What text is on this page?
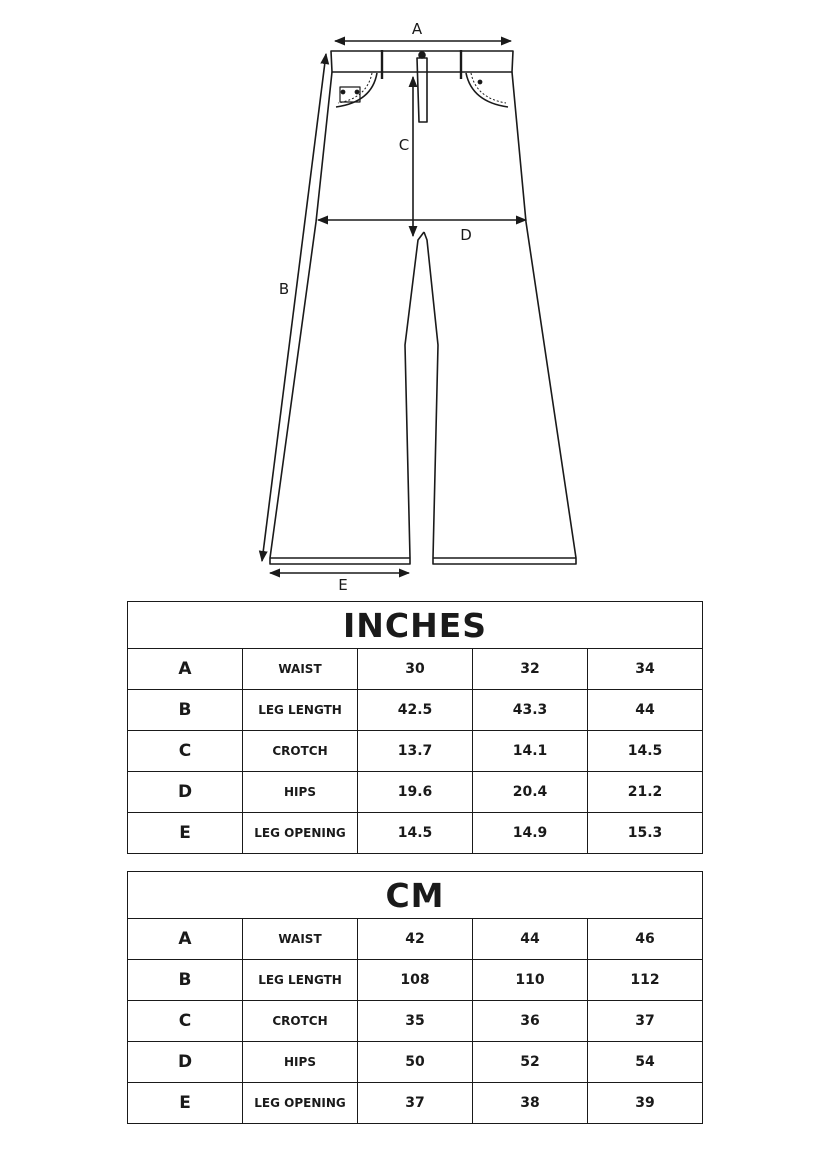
A
B
C
D
E
INCHES				
A	WAIST	30	32	34
B	LEG LENGTH	42.5	43.3	44
C	CROTCH	13.7	14.1	14.5
D	HIPS	19.6	20.4	21.2
E	LEG OPENING	14.5	14.9	15.3
CM				
A	WAIST	42	44	46
B	LEG LENGTH	108	110	112
C	CROTCH	35	36	37
D	HIPS	50	52	54
E	LEG OPENING	37	38	39
